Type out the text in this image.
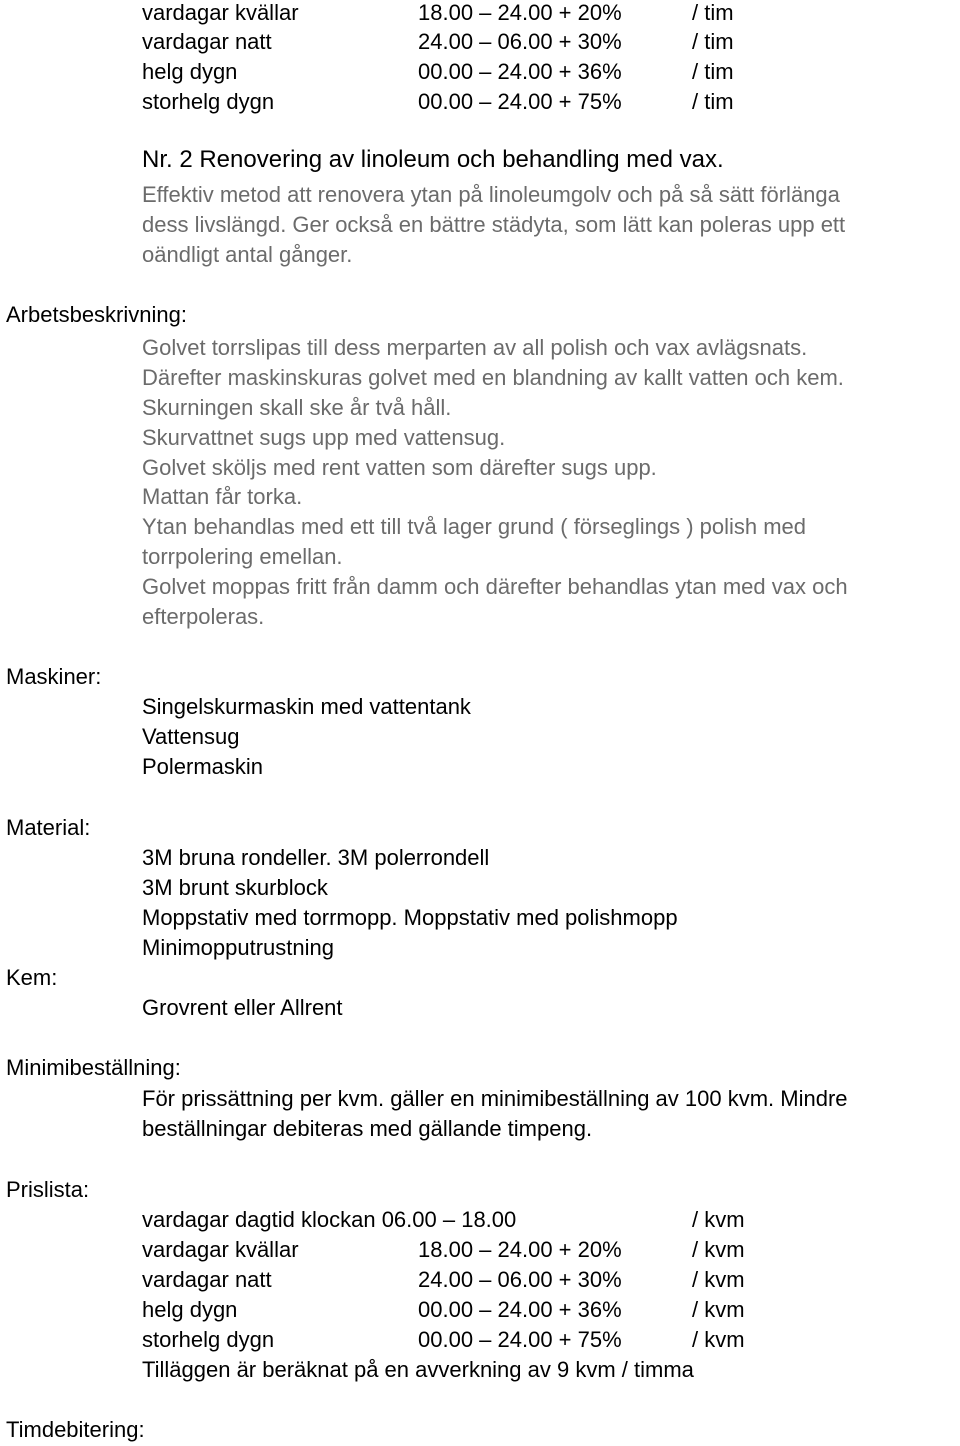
vardagar kvällar	18.00 – 24.00 + 20%	/ tim
vardagar natt	24.00 – 06.00 + 30%	/ tim
helg dygn	00.00 – 24.00 + 36%	/ tim
storhelg dygn	00.00 – 24.00 + 75%	/ tim
Nr. 2 Renovering av linoleum och behandling med vax.
Effektiv metod att renovera ytan på linoleumgolv och på så sätt förlänga
dess livslängd. Ger också en bättre städyta, som lätt kan poleras upp ett
oändligt antal gånger.
Arbetsbeskrivning:
Golvet torrslipas till dess merparten av all polish och vax avlägsnats.
Därefter maskinskuras golvet med en blandning av kallt vatten och kem.
Skurningen skall ske år två håll.
Skurvattnet sugs upp med vattensug.
Golvet sköljs med rent vatten som därefter sugs upp.
Mattan får torka.
Ytan behandlas med ett till två lager grund ( förseglings ) polish med
torrpolering emellan.
Golvet moppas fritt från damm och därefter behandlas ytan med vax och
efterpoleras.
Maskiner:
Singelskurmaskin med vattentank
Vattensug
Polermaskin
Material:
3M bruna rondeller. 3M polerrondell
3M brunt skurblock
Moppstativ med torrmopp. Moppstativ med polishmopp
Minimopputrustning
Kem:
Grovrent eller Allrent
Minimibeställning:
För prissättning per kvm. gäller en minimibeställning av 100 kvm. Mindre
beställningar debiteras med gällande timpeng.
Prislista:
vardagar dagtid klockan 06.00 – 18.00	/ kvm
vardagar kvällar	18.00 – 24.00 + 20%	/ kvm
vardagar natt	24.00 – 06.00 + 30%	/ kvm
helg dygn	00.00 – 24.00 + 36%	/ kvm
storhelg dygn	00.00 – 24.00 + 75%	/ kvm
Tilläggen är beräknat på en avverkning av 9 kvm / timma
Timdebitering:
